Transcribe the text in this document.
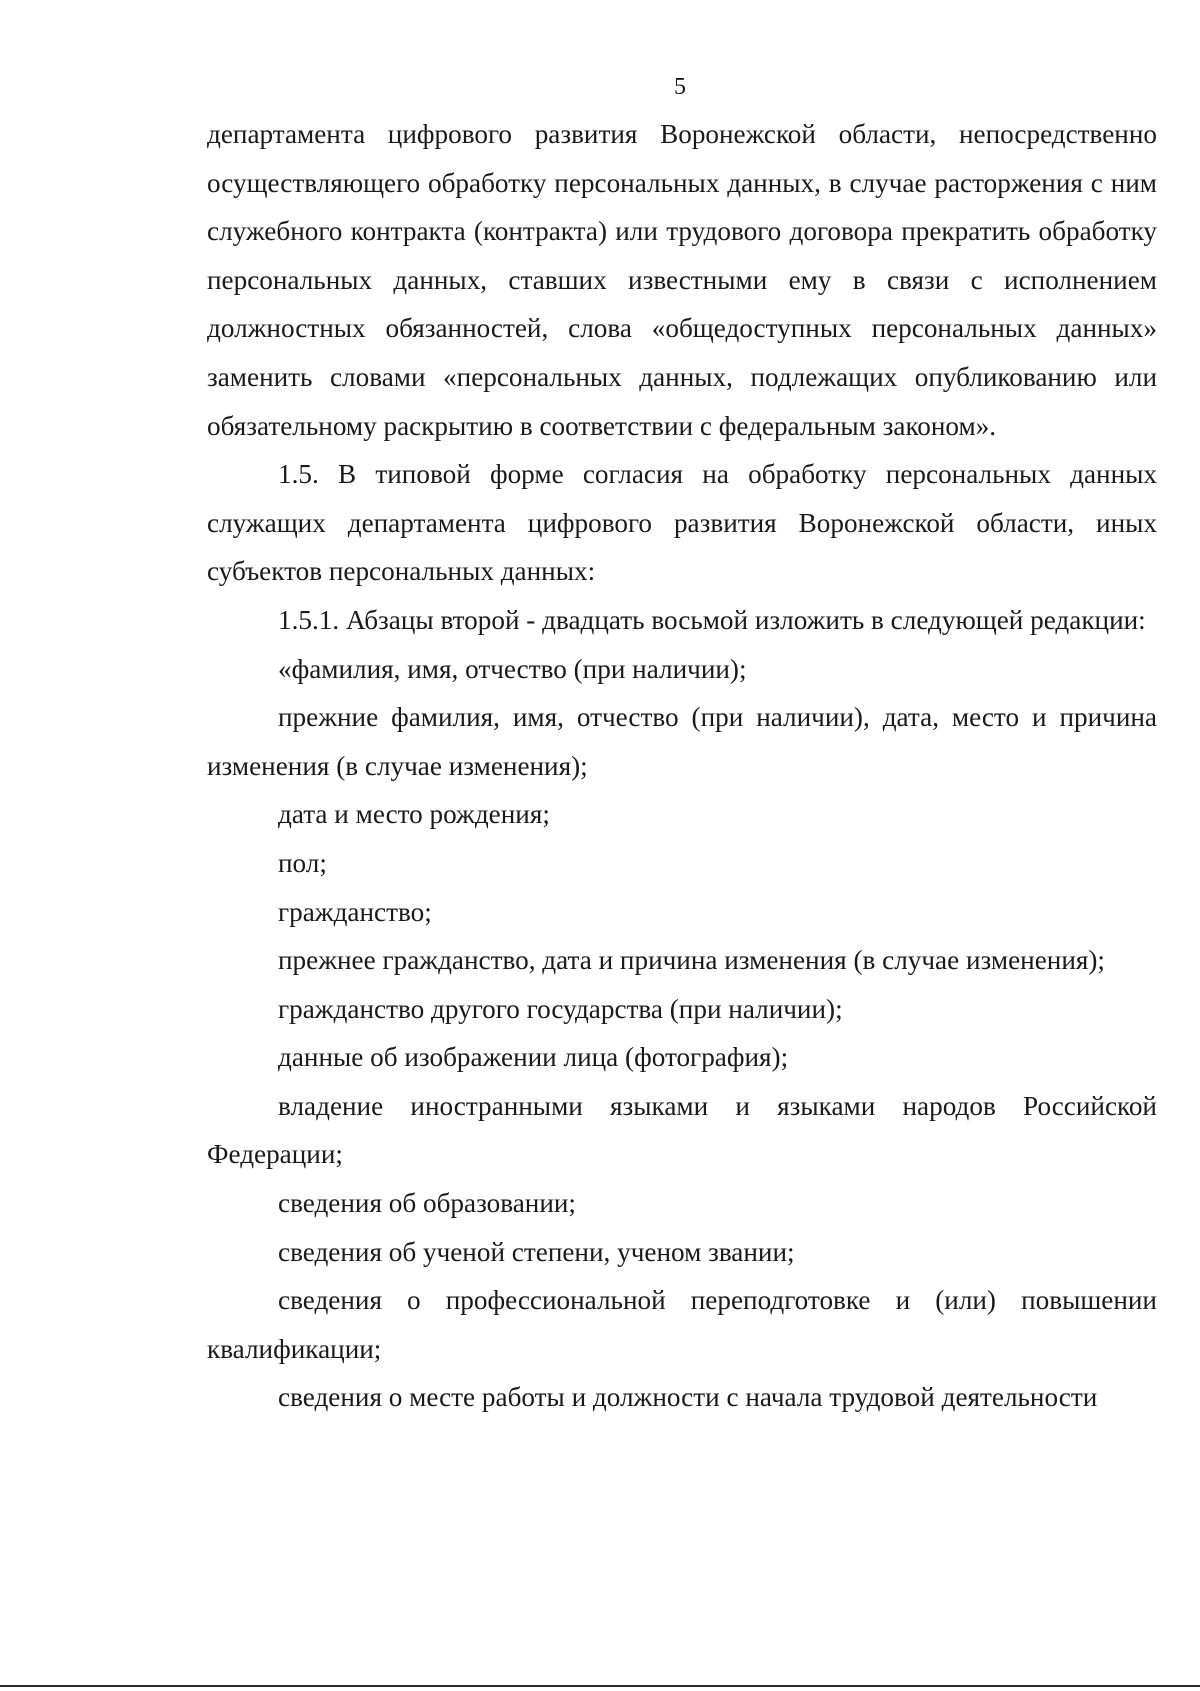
5

департамента цифрового развития Воронежской области, непосредственно осуществляющего обработку персональных данных, в случае расторжения с ним служебного контракта (контракта) или трудового договора прекратить обработку персональных данных, ставших известными ему в связи с исполнением должностных обязанностей, слова «общедоступных персональных данных» заменить словами «персональных данных, подлежащих опубликованию или обязательному раскрытию в соответствии с федеральным законом».

1.5. В типовой форме согласия на обработку персональных данных служащих департамента цифрового развития Воронежской области, иных субъектов персональных данных:

1.5.1. Абзацы второй - двадцать восьмой изложить в следующей редакции:

«фамилия, имя, отчество (при наличии);

прежние фамилия, имя, отчество (при наличии), дата, место и причина изменения (в случае изменения);

дата и место рождения;

пол;

гражданство;

прежнее гражданство, дата и причина изменения (в случае изменения);

гражданство другого государства (при наличии);

данные об изображении лица (фотография);

владение иностранными языками и языками народов Российской Федерации;

сведения об образовании;

сведения об ученой степени, ученом звании;

сведения о профессиональной переподготовке и (или) повышении квалификации;

сведения о месте работы и должности с начала трудовой деятельности
